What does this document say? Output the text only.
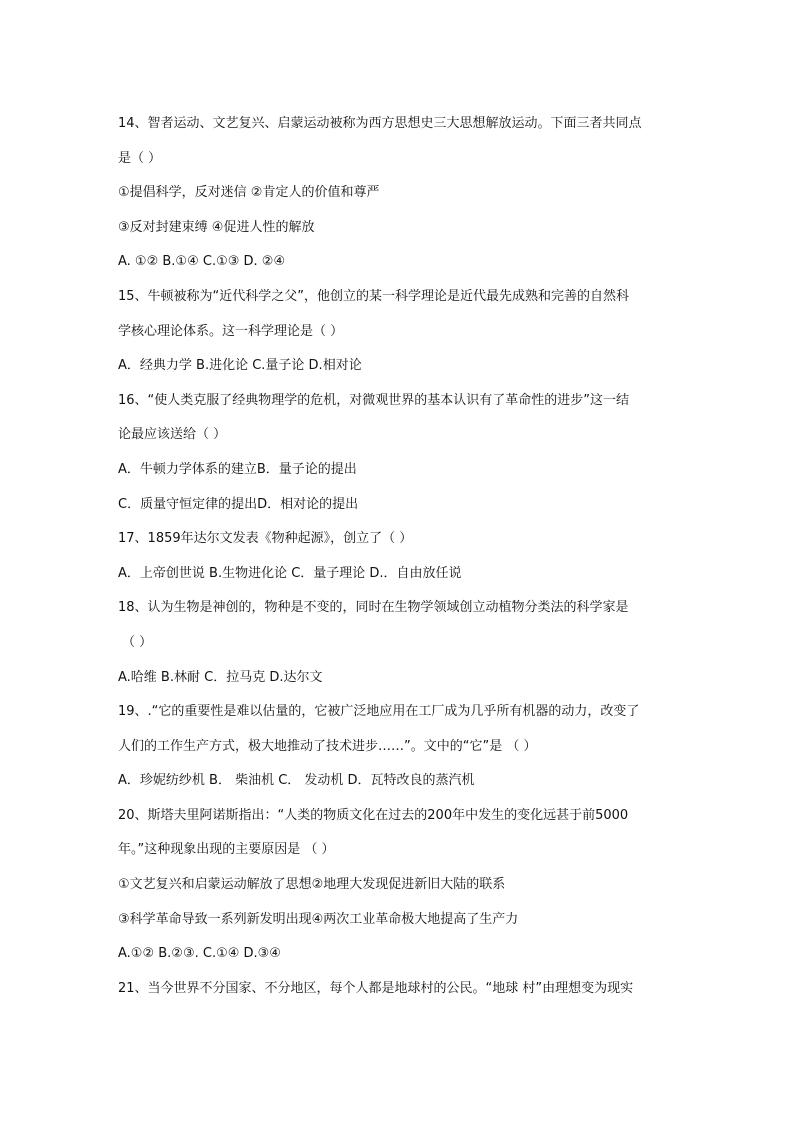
14、智者运动、文艺复兴、启蒙运动被称为西方思想史三大思想解放运动。下面三者共同点
是（ ）
①提倡科学，反对迷信 ②肯定人的价值和尊严
③反对封建束缚 ④促进人性的解放
A. ①② B.①④ C.①③ D. ②④
15、牛顿被称为“近代科学之父”，他创立的某一科学理论是近代最先成熟和完善的自然科
学核心理论体系。这一科学理论是（ ）
A．经典力学 B.进化论 C.量子论 D.相对论
16、“使人类克服了经典物理学的危机，对微观世界的基本认识有了革命性的进步”这一结
论最应该送给（ ）
A．牛顿力学体系的建立B．量子论的提出
C．质量守恒定律的提出D．相对论的提出
17、1859年达尔文发表《物种起源》，创立了（ ）
A．上帝创世说 B.生物进化论 C．量子理论 D.．自由放任说
18、认为生物是神创的，物种是不变的，同时在生物学领域创立动植物分类法的科学家是
（ ）
A.哈维 B.林耐 C．拉马克 D.达尔文
19、.“它的重要性是难以估量的，它被广泛地应用在工厂成为几乎所有机器的动力，改变了
人们的工作生产方式，极大地推动了技术进步……”。文中的“它”是 （ ）
A．珍妮纺纱机 B． 柴油机 C． 发动机 D．瓦特改良的蒸汽机
20、斯塔夫里阿诺斯指出：“人类的物质文化在过去的200年中发生的变化远甚于前5000
年。”这种现象出现的主要原因是 （ ）
①文艺复兴和启蒙运动解放了思想②地理大发现促进新旧大陆的联系
③科学革命导致一系列新发明出现④两次工业革命极大地提高了生产力
A.①② B.②③. C.①④ D.③④
21、当今世界不分国家、不分地区，每个人都是地球村的公民。“地球 村”由理想变为现实
